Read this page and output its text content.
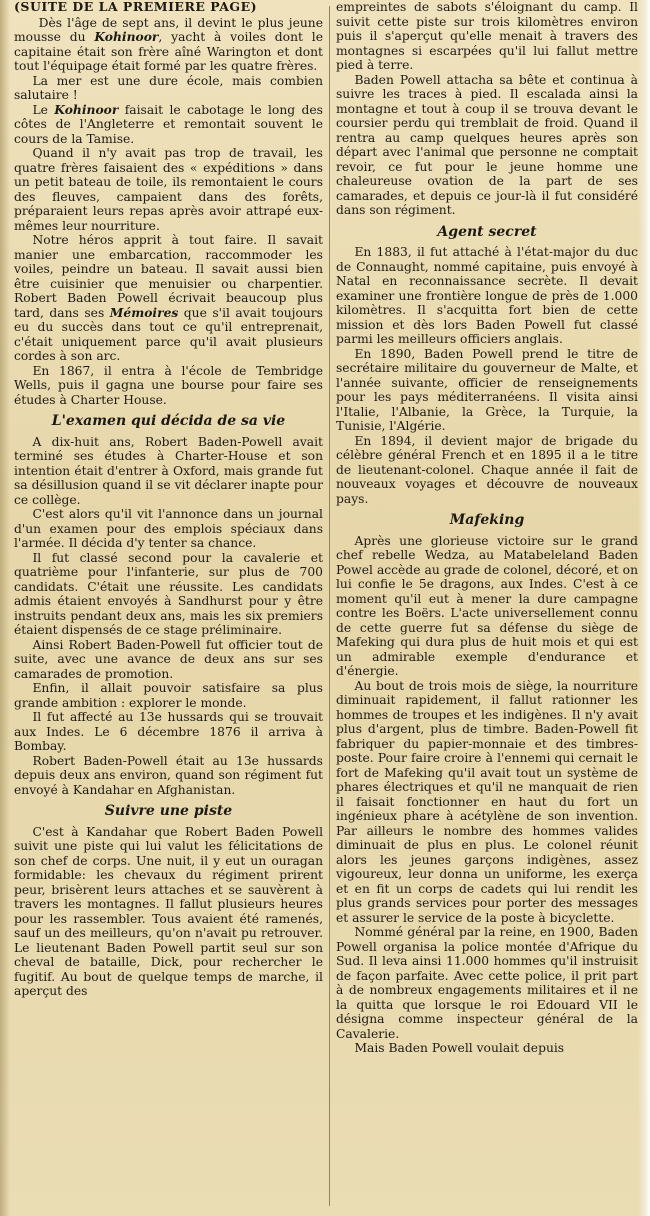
(SUITE DE LA PREMIERE PAGE)

Dès l'âge de sept ans, il devint le plus jeune mousse du Kohinoor, yacht à voiles dont le capitaine était son frère aîné Warington et dont tout l'équipage était formé par les quatre frères.

La mer est une dure école, mais combien salutaire !

Le Kohinoor faisait le cabotage le long des côtes de l'Angleterre et remontait souvent le cours de la Tamise.

Quand il n'y avait pas trop de travail, les quatre frères faisaient des « expéditions » dans un petit bateau de toile, ils remontaient le cours des fleuves, campaient dans des forêts, préparaient leurs repas après avoir attrapé eux-mêmes leur nourriture.

Notre héros apprit à tout faire. Il savait manier une embarcation, raccommoder les voiles, peindre un bateau. Il savait aussi bien être cuisinier que menuisier ou charpentier. Robert Baden Powell écrivait beaucoup plus tard, dans ses Mémoires que s'il avait toujours eu du succès dans tout ce qu'il entreprenait, c'était uniquement parce qu'il avait plusieurs cordes à son arc.

En 1867, il entra à l'école de Tembridge Wells, puis il gagna une bourse pour faire ses études à Charter House.

L'examen qui décida de sa vie

A dix-huit ans, Robert Baden-Powell avait terminé ses études à Charter-House et son intention était d'entrer à Oxford, mais grande fut sa désillusion quand il se vit déclarer inapte pour ce collège.

C'est alors qu'il vit l'annonce dans un journal d'un examen pour des emplois spéciaux dans l'armée. Il décida d'y tenter sa chance.

Il fut classé second pour la cavalerie et quatrième pour l'infanterie, sur plus de 700 candidats. C'était une réussite. Les candidats admis étaient envoyés à Sandhurst pour y être instruits pendant deux ans, mais les six premiers étaient dispensés de ce stage préliminaire.

Ainsi Robert Baden-Powell fut officier tout de suite, avec une avance de deux ans sur ses camarades de promotion.

Enfin, il allait pouvoir satisfaire sa plus grande ambition : explorer le monde.

Il fut affecté au 13e hussards qui se trouvait aux Indes. Le 6 décembre 1876 il arriva à Bombay.

Robert Baden-Powell était au 13e hussards depuis deux ans environ, quand son régiment fut envoyé à Kandahar en Afghanistan.

Suivre une piste

C'est à Kandahar que Robert Baden Powell suivit une piste qui lui valut les félicitations de son chef de corps. Une nuit, il y eut un ouragan formidable: les chevaux du régiment prirent peur, brisèrent leurs attaches et se sauvèrent à travers les montagnes. Il fallut plusieurs heures pour les rassembler. Tous avaient été ramenés, sauf un des meilleurs, qu'on n'avait pu retrouver. Le lieutenant Baden Powell partit seul sur son cheval de bataille, Dick, pour rechercher le fugitif. Au bout de quelque temps de marche, il aperçut des

empreintes de sabots s'éloignant du camp. Il suivit cette piste sur trois kilomètres environ puis il s'aperçut qu'elle menait à travers des montagnes si escarpées qu'il lui fallut mettre pied à terre.

Baden Powell attacha sa bête et continua à suivre les traces à pied. Il escalada ainsi la montagne et tout à coup il se trouva devant le coursier perdu qui tremblait de froid. Quand il rentra au camp quelques heures après son départ avec l'animal que personne ne comptait revoir, ce fut pour le jeune homme une chaleureuse ovation de la part de ses camarades, et depuis ce jour-là il fut considéré dans son régiment.

Agent secret

En 1883, il fut attaché à l'état-major du duc de Connaught, nommé capitaine, puis envoyé à Natal en reconnaissance secrète. Il devait examiner une frontière longue de près de 1.000 kilomètres. Il s'acquitta fort bien de cette mission et dès lors Baden Powell fut classé parmi les meilleurs officiers anglais.

En 1890, Baden Powell prend le titre de secrétaire militaire du gouverneur de Malte, et l'année suivante, officier de renseignements pour les pays méditerranéens. Il visita ainsi l'Italie, l'Albanie, la Grèce, la Turquie, la Tunisie, l'Algérie.

En 1894, il devient major de brigade du célèbre général French et en 1895 il a le titre de lieutenant-colonel. Chaque année il fait de nouveaux voyages et découvre de nouveaux pays.

Mafeking

Après une glorieuse victoire sur le grand chef rebelle Wedza, au Matabeleland Baden Powel accède au grade de colonel, décoré, et on lui confie le 5e dragons, aux Indes. C'est à ce moment qu'il eut à mener la dure campagne contre les Boërs. L'acte universellement connu de cette guerre fut sa défense du siège de Mafeking qui dura plus de huit mois et qui est un admirable exemple d'endurance et d'énergie.

Au bout de trois mois de siège, la nourriture diminuait rapidement, il fallut rationner les hommes de troupes et les indigènes. Il n'y avait plus d'argent, plus de timbre. Baden-Powell fit fabriquer du papier-monnaie et des timbres-poste. Pour faire croire à l'ennemi qui cernait le fort de Mafeking qu'il avait tout un système de phares électriques et qu'il ne manquait de rien il faisait fonctionner en haut du fort un ingénieux phare à acétylène de son invention. Par ailleurs le nombre des hommes valides diminuait de plus en plus. Le colonel réunit alors les jeunes garçons indigènes, assez vigoureux, leur donna un uniforme, les exerça et en fit un corps de cadets qui lui rendit les plus grands services pour porter des messages et assurer le service de la poste à bicyclette.

Nommé général par la reine, en 1900, Baden Powell organisa la police montée d'Afrique du Sud. Il leva ainsi 11.000 hommes qu'il instruisit de façon parfaite. Avec cette police, il prit part à de nombreux engagements militaires et il ne la quitta que lorsque le roi Edouard VII le désigna comme inspecteur général de la Cavalerie.

Mais Baden Powell voulait depuis
